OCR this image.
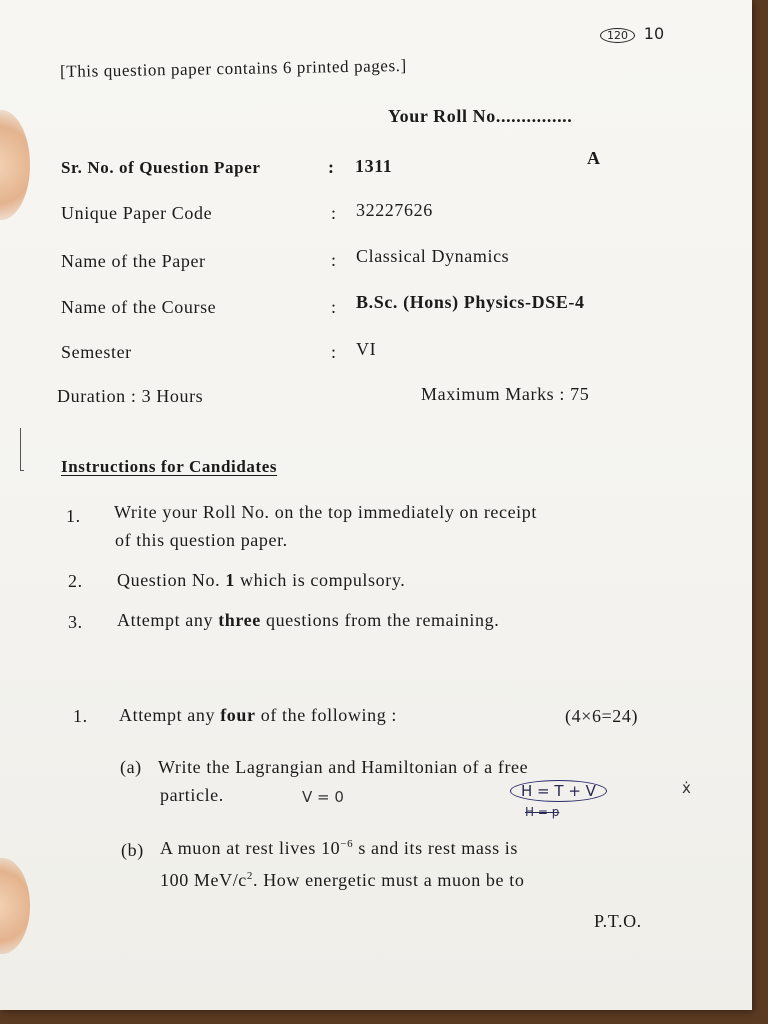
120 10
[This question paper contains 6 printed pages.]
Your Roll No...............
Sr. No. of Question Paper	: 1311	A
Unique Paper Code	: 32227626
Name of the Paper	: Classical Dynamics
Name of the Course	: B.Sc. (Hons) Physics-DSE-4
Semester	: VI
Duration : 3 Hours	Maximum Marks : 75
Instructions for Candidates
1. Write your Roll No. on the top immediately on receipt
of this question paper.
2. Question No. 1 which is compulsory.
3. Attempt any three questions from the remaining.
1. Attempt any four of the following :	(4×6=24)
(a) Write the Lagrangian and Hamiltonian of a free
particle.	V = 0	H = T + V
H = p
ẋ
(b) A muon at rest lives $10^{-6}$ s and its rest mass is
100 MeV/$c^2$. How energetic must a muon be to
P.T.O.
